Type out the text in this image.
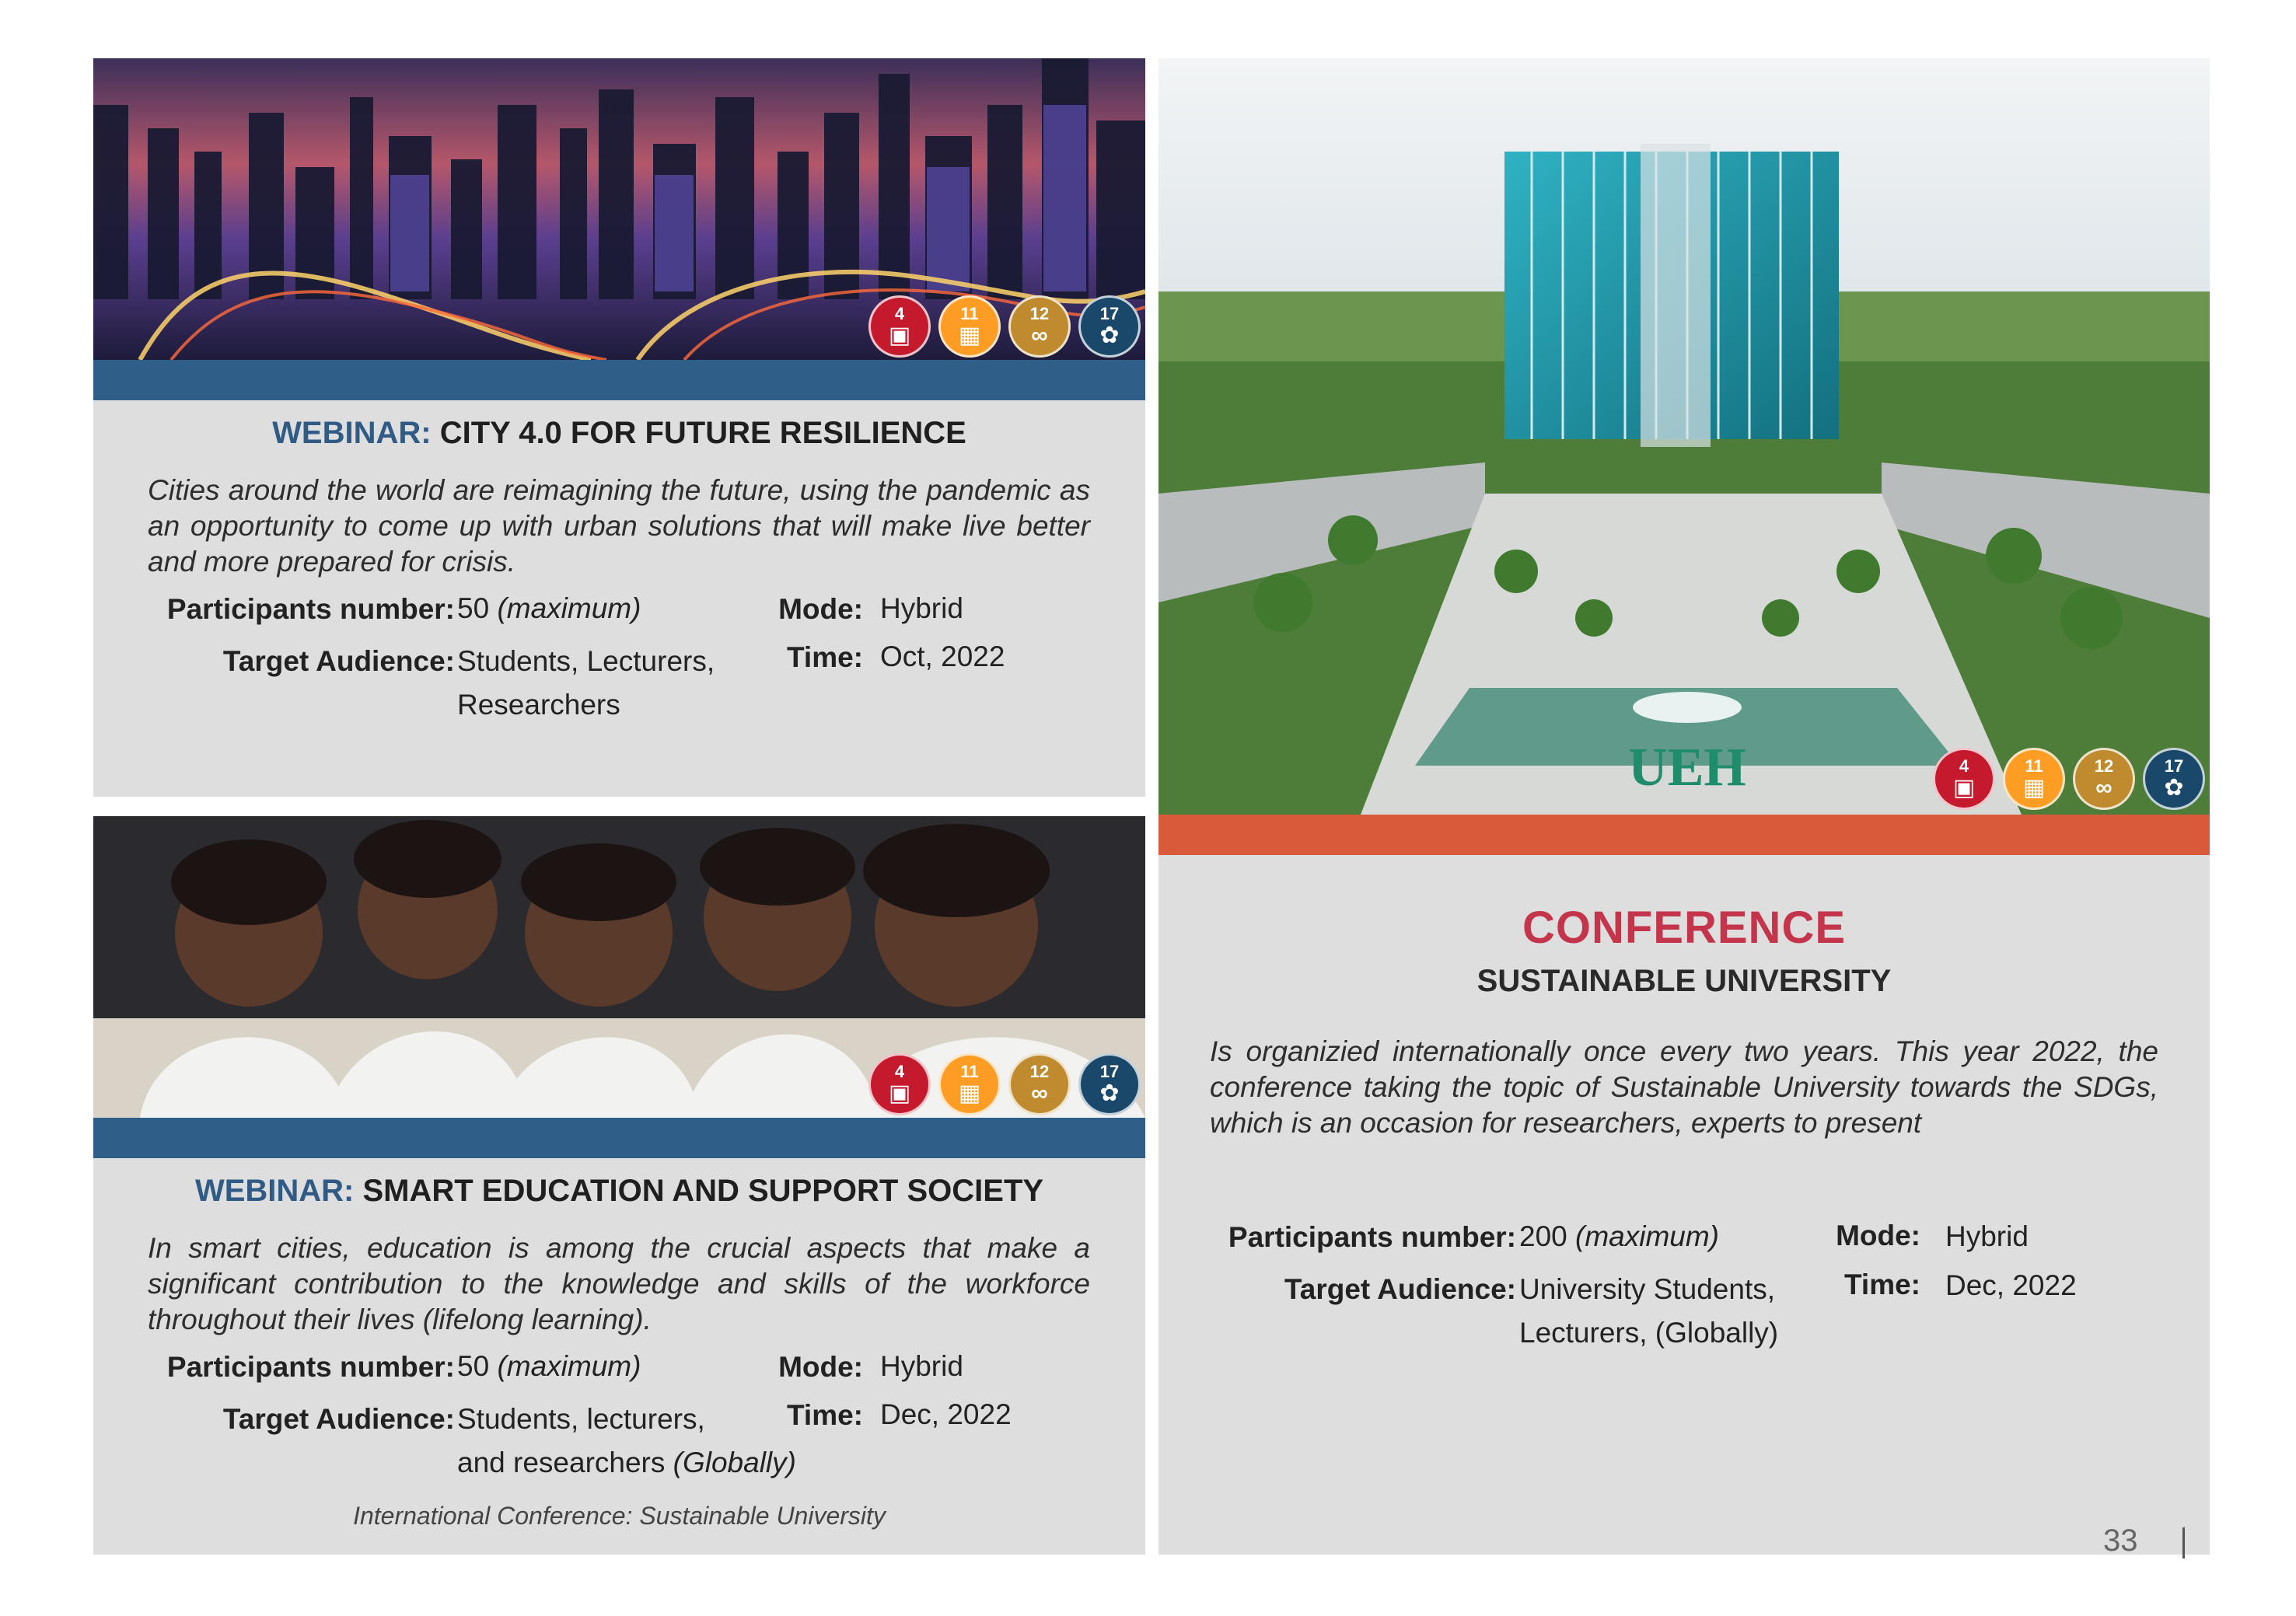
4
▣
11
▦
12
∞
17
✿
WEBINAR: CITY 4.0 FOR FUTURE RESILIENCE
Cities around the world are reimagining the future, using the pandemic as an opportunity to come up with urban solutions that will make live better and more prepared for crisis.
Participants number: 50 (maximum)
Target Audience: Students, Lecturers,
Researchers
Mode: Hybrid
Time: Oct, 2022
4
▣
11
▦
12
∞
17
✿
WEBINAR: SMART EDUCATION AND SUPPORT SOCIETY
In smart cities, education is among the crucial aspects that make a significant contribution to the knowledge and skills of the workforce throughout their lives (lifelong learning).
Participants number: 50 (maximum)
Target Audience: Students, lecturers,
and researchers (Globally)
Mode: Hybrid
Time: Dec, 2022
International Conference: Sustainable University
UEH	4
▣
11
▦
12
∞
17
✿
CONFERENCE
SUSTAINABLE UNIVERSITY
Is organizied internationally once every two years. This year 2022, the conference taking the topic of Sustainable University towards the SDGs, which is an occasion for researchers, experts to present
Participants number: 200 (maximum)
Target Audience: University Students,
Lecturers, (Globally)
Mode: Hybrid
Time: Dec, 2022
33
